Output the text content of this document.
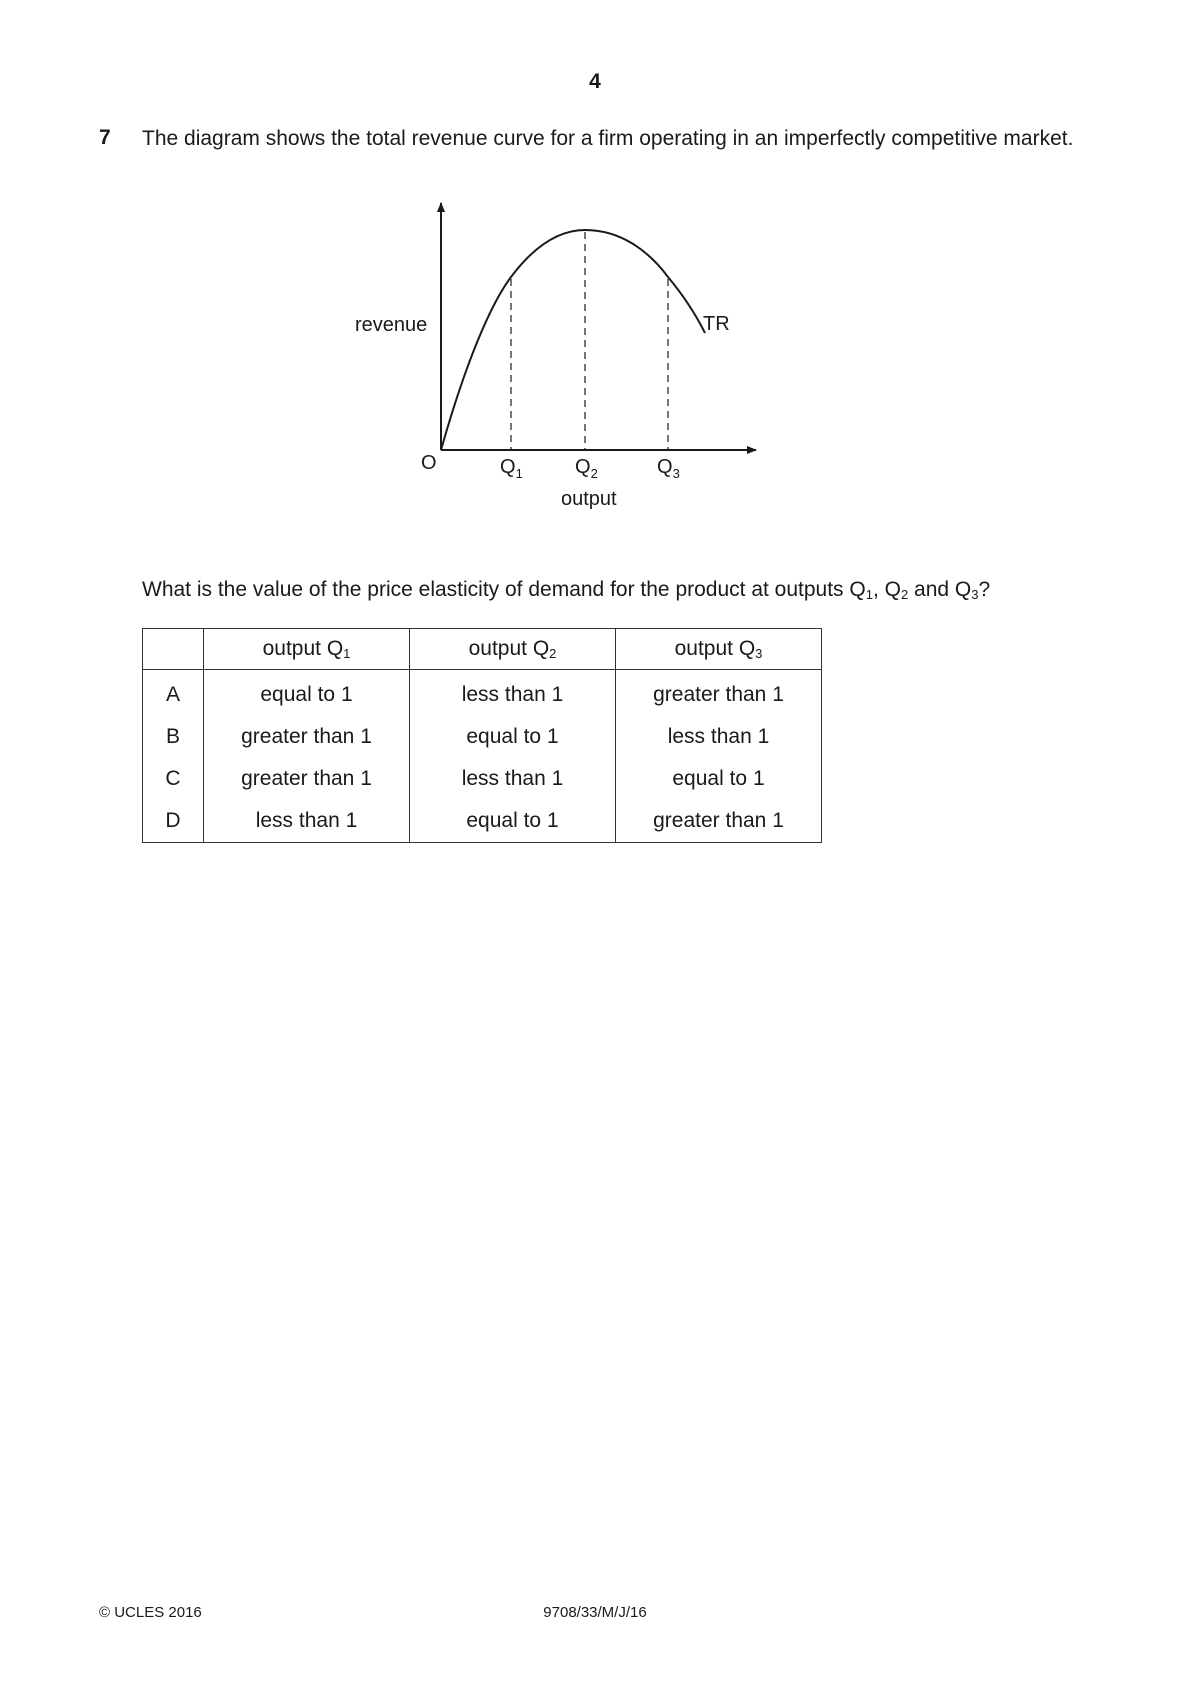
4
7 The diagram shows the total revenue curve for a firm operating in an imperfectly competitive market.
revenue	TR
O	$Q_1$	$Q_2$	$Q_3$
output
What is the value of the price elasticity of demand for the product at outputs $Q_1$, $Q_2$ and $Q_3$?
	output $Q_1$	output $Q_2$	output $Q_3$
A	equal to 1	less than 1	greater than 1
B	greater than 1	equal to 1	less than 1
C	greater than 1	less than 1	equal to 1
D	less than 1	equal to 1	greater than 1
© UCLES 2016	9708/33/M/J/16
